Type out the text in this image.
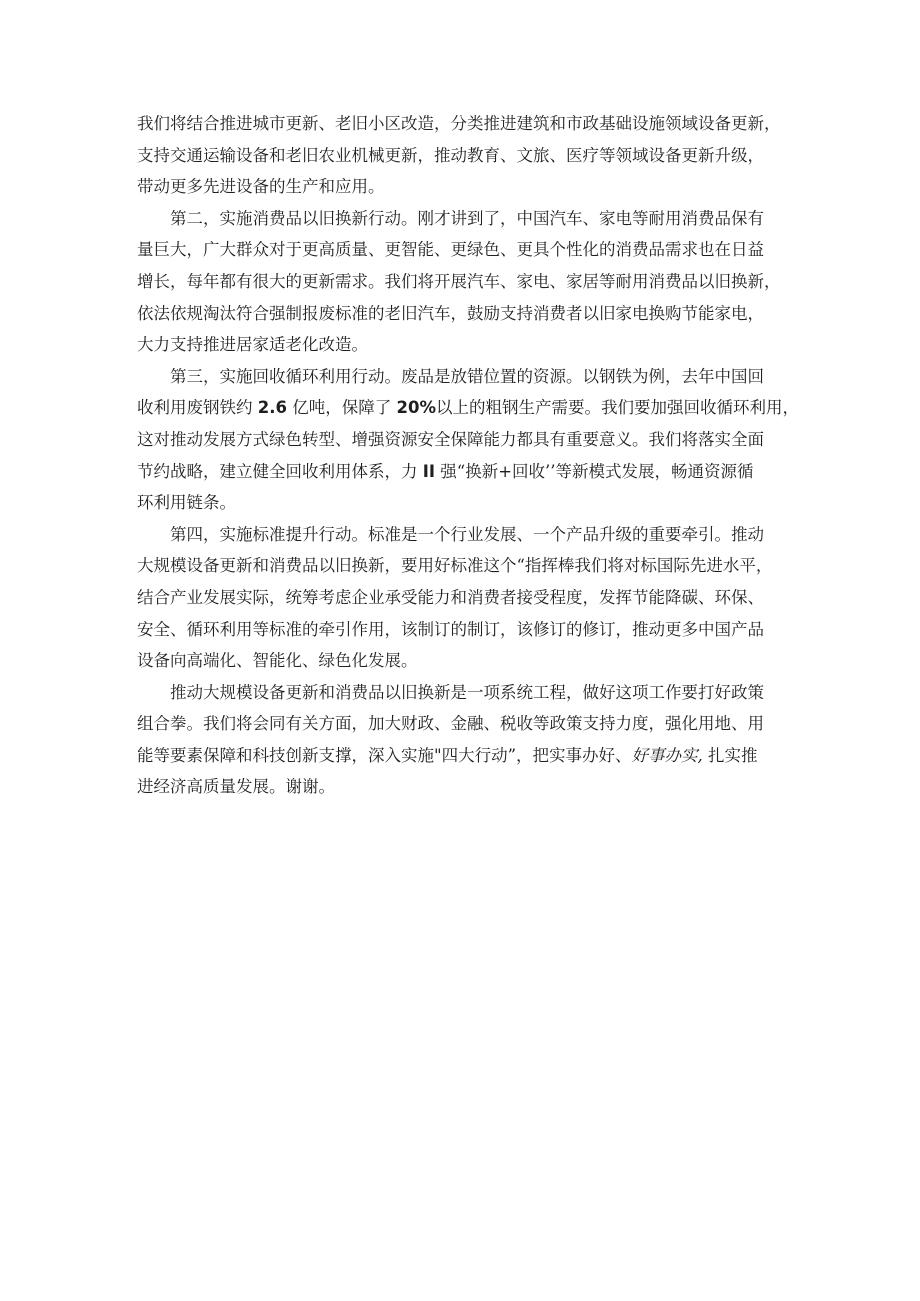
我们将结合推进城市更新、老旧小区改造，分类推进建筑和市政基础设施领域设备更新，
支持交通运输设备和老旧农业机械更新，推动教育、文旅、医疗等领域设备更新升级，
带动更多先进设备的生产和应用。
第二，实施消费品以旧换新行动。刚才讲到了，中国汽车、家电等耐用消费品保有
量巨大，广大群众对于更高质量、更智能、更绿色、更具个性化的消费品需求也在日益
增长，每年都有很大的更新需求。我们将开展汽车、家电、家居等耐用消费品以旧换新，
依法依规淘汰符合强制报废标准的老旧汽车，鼓励支持消费者以旧家电换购节能家电，
大力支持推进居家适老化改造。
第三，实施回收循环利用行动。废品是放错位置的资源。以钢铁为例，去年中国回
收利用废钢铁约 2.6 亿吨，保障了 20%以上的粗钢生产需要。我们要加强回收循环利用，
这对推动发展方式绿色转型、增强资源安全保障能力都具有重要意义。我们将落实全面
节约战略，建立健全回收利用体系，力 II 强“换新+回收’’等新模式发展，畅通资源循
环利用链条。
第四，实施标准提升行动。标准是一个行业发展、一个产品升级的重要牵引。推动
大规模设备更新和消费品以旧换新，要用好标准这个“指挥棒我们将对标国际先进水平，
结合产业发展实际，统筹考虑企业承受能力和消费者接受程度，发挥节能降碳、环保、
安全、循环利用等标准的牵引作用，该制订的制订，该修订的修订，推动更多中国产品
设备向高端化、智能化、绿色化发展。
推动大规模设备更新和消费品以旧换新是一项系统工程，做好这项工作要打好政策
组合拳。我们将会同有关方面，加大财政、金融、税收等政策支持力度，强化用地、用
能等要素保障和科技创新支撑，深入实施"四大行动”，把实事办好、好事办实, 扎实推
进经济高质量发展。谢谢。
